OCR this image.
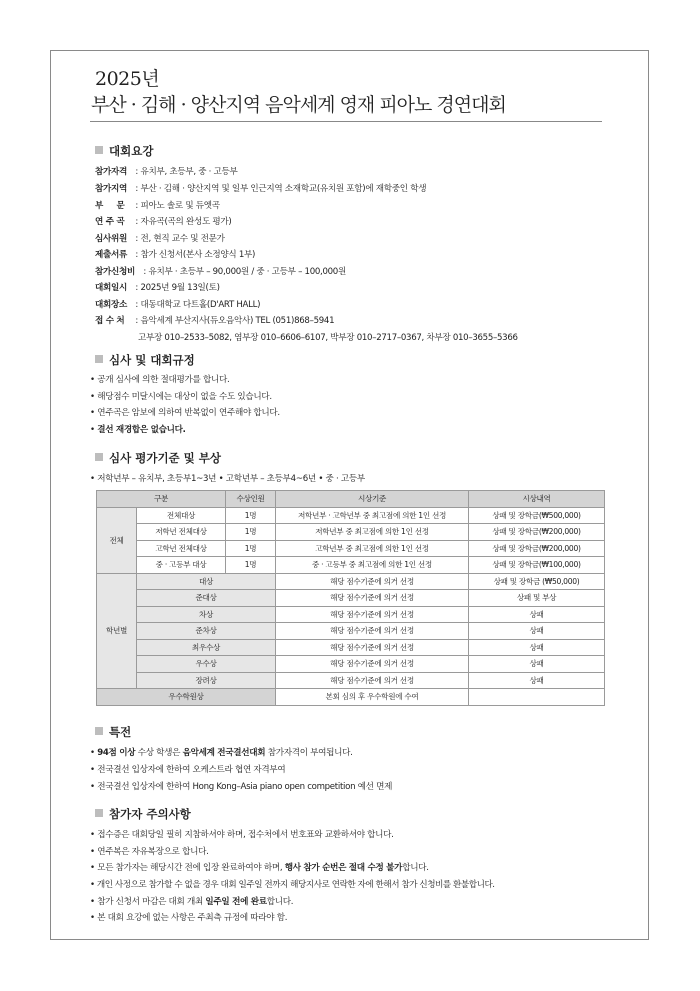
2025년
부산 · 김해 · 양산지역 음악세계 영재 피아노 경연대회
대회요강
참가자격 : 유치부, 초등부, 중 · 고등부
참가지역 : 부산 · 김해 · 양산지역 및 일부 인근지역 소재학교(유치원 포함)에 재학중인 학생
부     문 : 피아노 솔로 및 듀엣곡
연 주 곡 : 자유곡(곡의 완성도 평가)
심사위원 : 전, 현직 교수 및 전문가
제출서류 : 참가 신청서(본사 소정양식 1부)
참가신청비 : 유치부 · 초등부 – 90,000원 / 중 · 고등부 – 100,000원
대회일시 : 2025년 9월 13일(토)
대회장소 : 대동대학교 다트홀(D'ART HALL)
접 수 처 : 음악세계 부산지사(듀오음악사) TEL (051)868–5941
고부장 010–2533–5082, 염부장 010–6606–6107, 박부장 010–2717–0367, 차부장 010–3655–5366
심사 및 대회규정
• 공개 심사에 의한 절대평가를 합니다.
• 해당점수 미달시에는 대상이 없을 수도 있습니다.
• 연주곡은 암보에 의하여 반복없이 연주해야 합니다.
• 결선 재경합은 없습니다.
심사 평가기준 및 부상
• 저학년부 – 유치부, 초등부1~3년 • 고학년부 – 초등부4~6년 • 중 · 고등부
구분		수상인원	시상기준	시상내역
전체	전체대상	1명	저학년부 · 고학년부 중 최고점에 의한 1인 선정	상패 및 장학금(₩500,000)
	저학년 전체대상	1명	저학년부 중 최고점에 의한 1인 선정	상패 및 장학금(₩200,000)
	고학년 전체대상	1명	고학년부 중 최고점에 의한 1인 선정	상패 및 장학금(₩200,000)
	중 · 고등부 대상	1명	중 · 고등부 중 최고점에 의한 1인 선정	상패 및 장학금(₩100,000)
학년별	대상		해당 점수기준에 의거 선정	상패 및 장학금 (₩50,000)
	준대상		해당 점수기준에 의거 선정	상패 및 부상
	차상		해당 점수기준에 의거 선정	상패
	준차상		해당 점수기준에 의거 선정	상패
	최우수상		해당 점수기준에 의거 선정	상패
	우수상		해당 점수기준에 의거 선정	상패
	장려상		해당 점수기준에 의거 선정	상패
우수학원상			본회 심의 후 우수학원에 수여	
특전
• 94점 이상 수상 학생은 음악세계 전국결선대회 참가자격이 부여됩니다.
• 전국결선 입상자에 한하여 오케스트라 협연 자격부여
• 전국결선 입상자에 한하여 Hong Kong–Asia piano open competition 예선 면제
참가자 주의사항
• 접수증은 대회당일 필히 지참하셔야 하며, 접수처에서 번호표와 교환하셔야 합니다.
• 연주복은 자유복장으로 합니다.
• 모든 참가자는 해당시간 전에 입장 완료하여야 하며, 행사 참가 순번은 절대 수정 불가합니다.
• 개인 사정으로 참가할 수 없을 경우 대회 일주일 전까지 해당지사로 연락한 자에 한해서 참가 신청비를 환불합니다.
• 참가 신청서 마감은 대회 개최 일주일 전에 완료합니다.
• 본 대회 요강에 없는 사항은 주최측 규정에 따라야 함.
